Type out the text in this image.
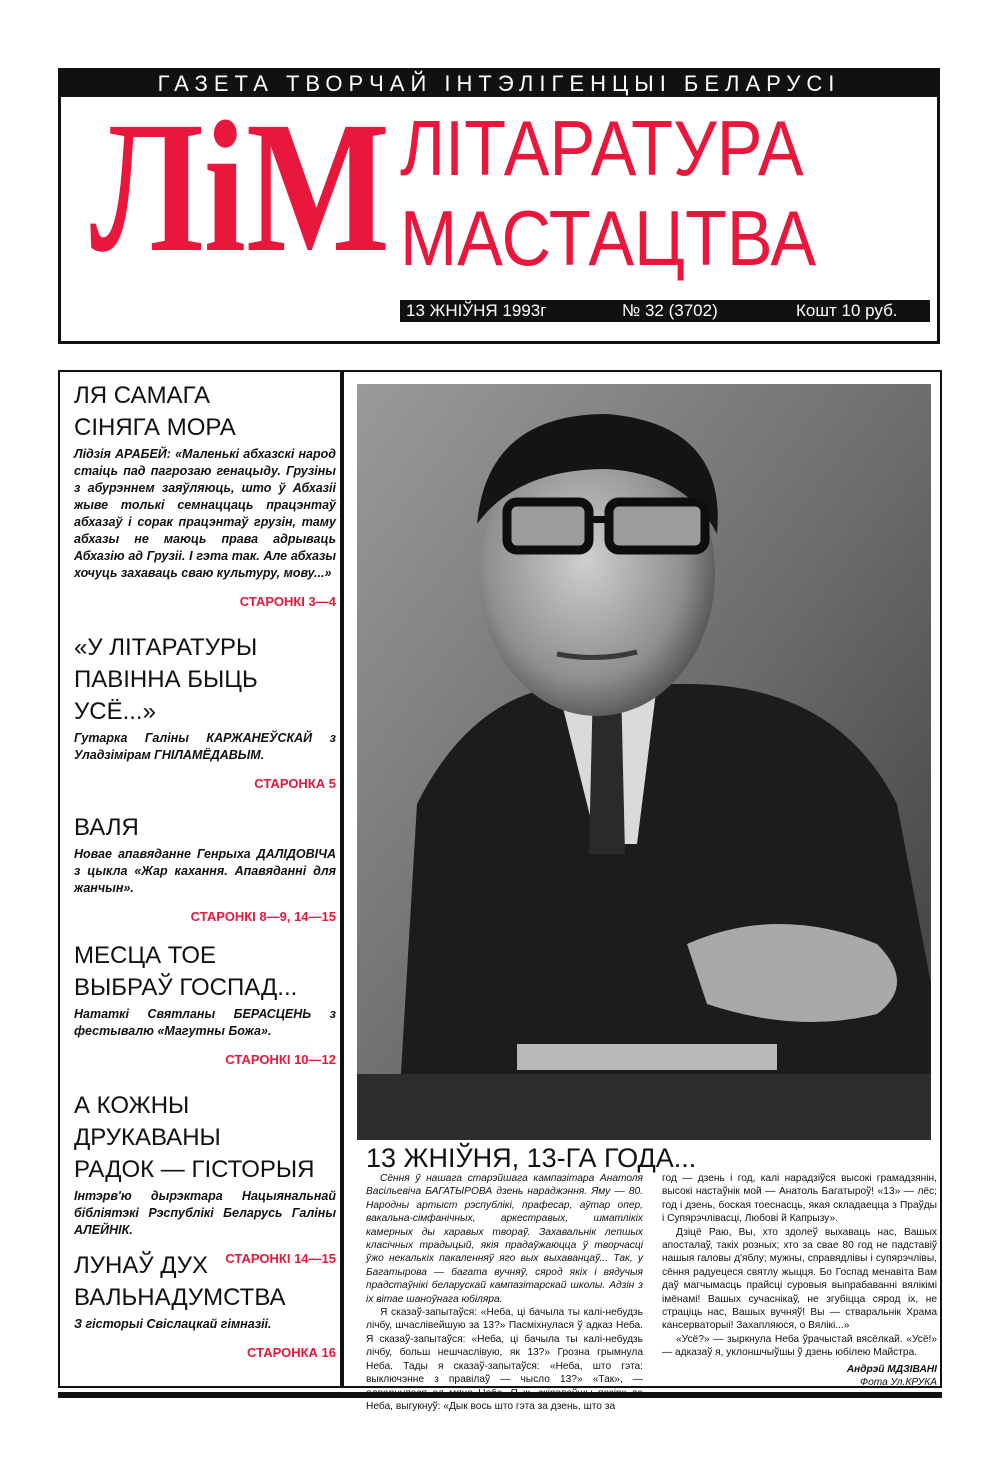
ГАЗЕТА ТВОРЧАЙ ІНТЭЛІГЕНЦЫІ БЕЛАРУСІ
ЛіМ ЛІТАРАТУРА
МАСТАЦТВА
13 ЖНІЎНЯ 1993г	№ 32 (3702)	Кошт 10 руб.
ЛЯ САМАГА
СІНЯГА МОРА

Лідзія АРАБЕЙ: «Маленькі абхазскі народ стаіць пад пагрозаю генацыду. Грузіны з абурэннем заяўляюць, што ў Абхазіі жыве толькі семнаццаць працэнтаў абхазаў і сорак працэнтаў грузін, таму абхазы не маюць права адрываць Абхазію ад Грузіі. І гэта так. Але абхазы хочуць захаваць сваю культуру, мову...»

СТАРОНКІ 3—4
«У ЛІТАРАТУРЫ
ПАВІННА БЫЦЬ
УСЁ...»

Гутарка Галіны КАРЖАНЕЎСКАЙ з Уладзімірам ГНІЛАМЁДАВЫМ.

СТАРОНКА 5
ВАЛЯ

Новае апавяданне Генрыха ДАЛІДОВІЧА з цыкла «Жар кахання. Апавяданні для жанчын».

СТАРОНКІ 8—9, 14—15
МЕСЦА ТОЕ
ВЫБРАЎ ГОСПАД...

Нататкі Святланы БЕРАСЦЕНЬ з фестывалю «Магутны Божа».

СТАРОНКІ 10—12
А КОЖНЫ ДРУКАВАНЫ
РАДОК — ГІСТОРЫЯ

Інтэрв'ю дырэктара Нацыянальнай бібліятэкі Рэспублікі Беларусь Галіны АЛЕЙНІК.

СТАРОНКІ 14—15
ЛУНАЎ ДУХ
ВАЛЬНАДУМСТВА

З гісторыі Свіслацкай гімназіі.

СТАРОНКА 16
13 ЖНІЎНЯ, 13-ГА ГОДА...

Сёння ў нашага старэйшага кампазітара Анатоля Васільевіча БАГАТЫРОВА дзень нараджэння. Яму — 80. Народны артыст рэспублікі, прафесар, аўтар опер, вакальна-сімфанічных, аркестравых, шматлікіх камерных ды харавых твораў. Захавальнік лепшых класічных традыцый, якія прадаўжаюцца ў творчасці ўжо некалькіх пакаленняў яго вых выхаванцаў... Так, у Багатырова — багата вучняў, сярод якіх і вядучыя прадстаўнікі беларускай кампазітарскай школы. Адзін з іх вітае шаноўнага юбіляра.

Я сказаў-запытаўся: «Неба, ці бачыла ты калі-небудзь лічбу, шчаслівейшую за 13?» Пасміхнулася ў адказ Неба. Я сказаў-запытаўся: «Неба, ці бачыла ты калі-небудзь лічбу, больш нешчаслівую, як 13?» Грозна грымнула Неба. Тады я сказаў-запытаўся: «Неба, што гэта: выключэнне з правілаў — чысло 13?» «Так», — адварнулася ад мяне Неба. Я ж, скіраваўшы позірк да Неба, выгукнуў: «Дык вось што гэта за дзень, што за

год — дзень і год, калі нарадзіўся высокі грамадзянін, высокі настаўнік мой — Анатоль Багатыроў! «13» — лёс; год і дзень, боская тоеснасць, якая складаецца з Праўды і Супярэчлівасці, Любові й Капрызу».

Дзіцё Раю, Вы, хто здолеў выхаваць нас, Вашых апосталаў, такіх розных; хто за свае 80 год не падставіў нашыя галовы д'яблу; мужны, справядлівы і супярэчлівы, сёння радуецеся святлу жыцця. Бо Госпад менавіта Вам даў магчымасць прайсці суровыя выпрабаванні вялікімі імёнамі! Вашых сучаснікаў, не згубіцца сярод іх, не страціць нас, Вашых вучняў! Вы — стваральнік Храма кансерваторыі! Захапляюся, о Вялікі...»

«Усё?» — зыркнула Неба ўрачыстай вясёлкай. «Усё!» — адказаў я, уклоншчыўшы ў дзень юбілею Майстра.

Андрэй МДЗІВАНІ
Фота Ул.КРУКА
